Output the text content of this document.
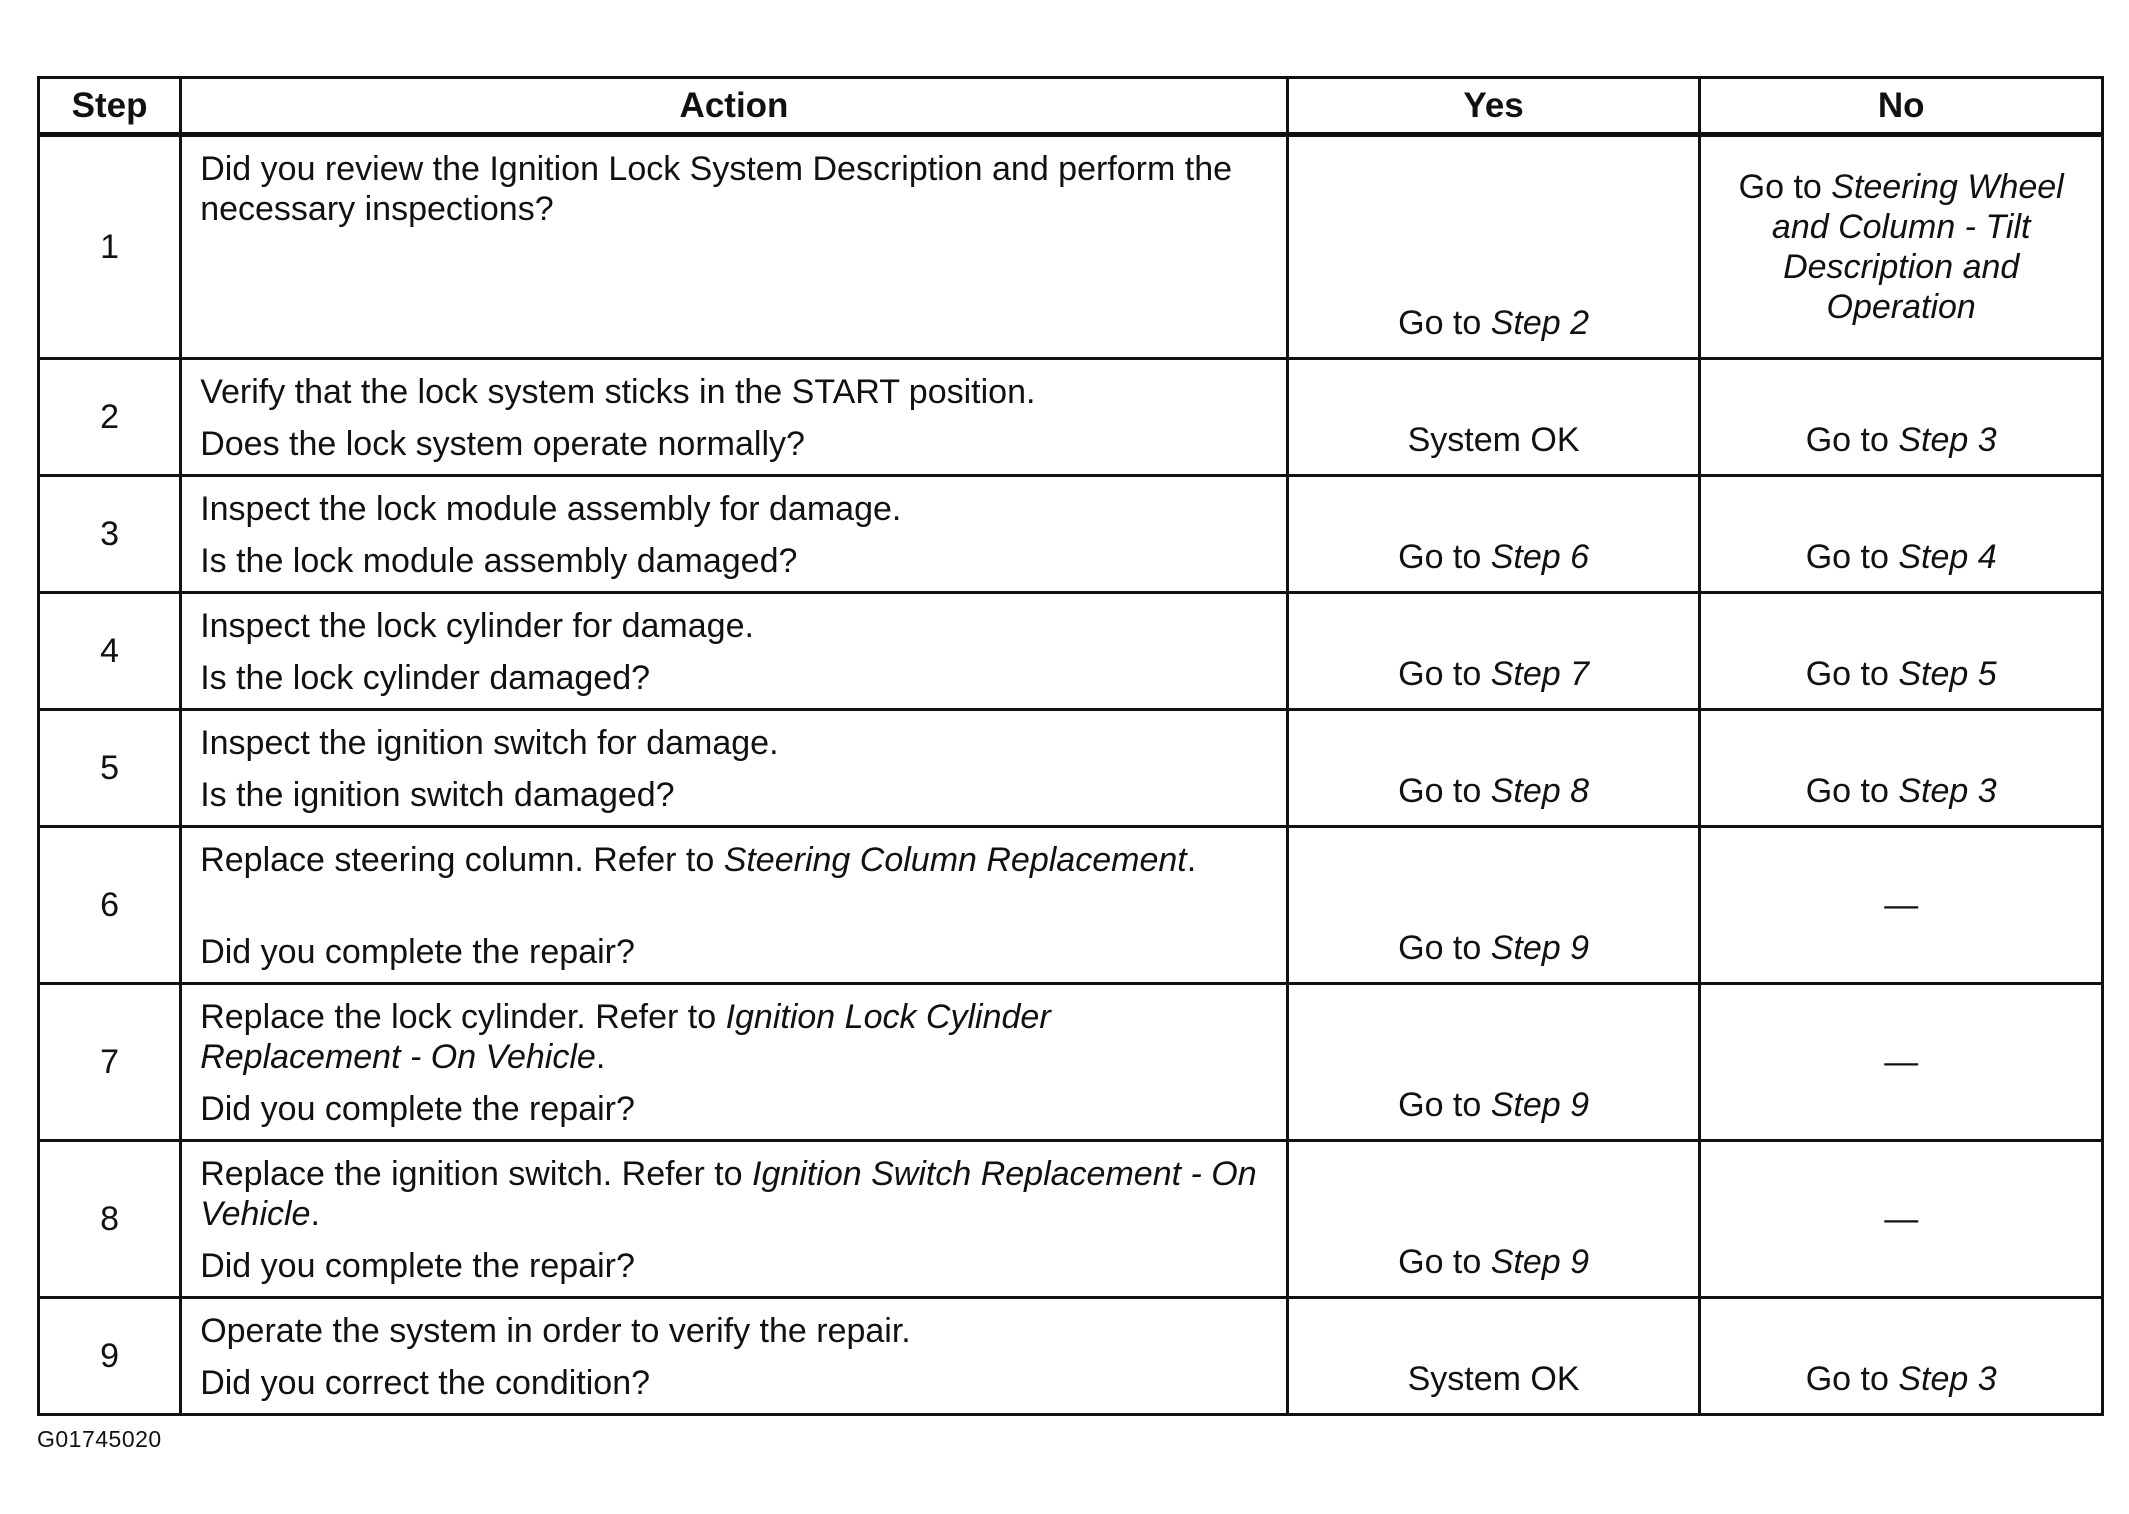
Step	Action	Yes	No
1	Did you review the Ignition Lock System Description and perform the necessary inspections?	Go to Step 2	Go to Steering Wheel and Column - Tilt Description and Operation
2	Verify that the lock system sticks in the START position.

Does the lock system operate normally?	System OK	Go to Step 3
3	Inspect the lock module assembly for damage.

Is the lock module assembly damaged?	Go to Step 6	Go to Step 4
4	Inspect the lock cylinder for damage.

Is the lock cylinder damaged?	Go to Step 7	Go to Step 5
5	Inspect the ignition switch for damage.

Is the ignition switch damaged?	Go to Step 8	Go to Step 3
6	Replace steering column. Refer to Steering Column Replacement.

Did you complete the repair?	Go to Step 9	—
7	Replace the lock cylinder. Refer to Ignition Lock Cylinder Replacement - On Vehicle.

Did you complete the repair?	Go to Step 9	—
8	Replace the ignition switch. Refer to Ignition Switch Replacement - On Vehicle.

Did you complete the repair?	Go to Step 9	—
9	Operate the system in order to verify the repair.

Did you correct the condition?	System OK	Go to Step 3
G01745020
